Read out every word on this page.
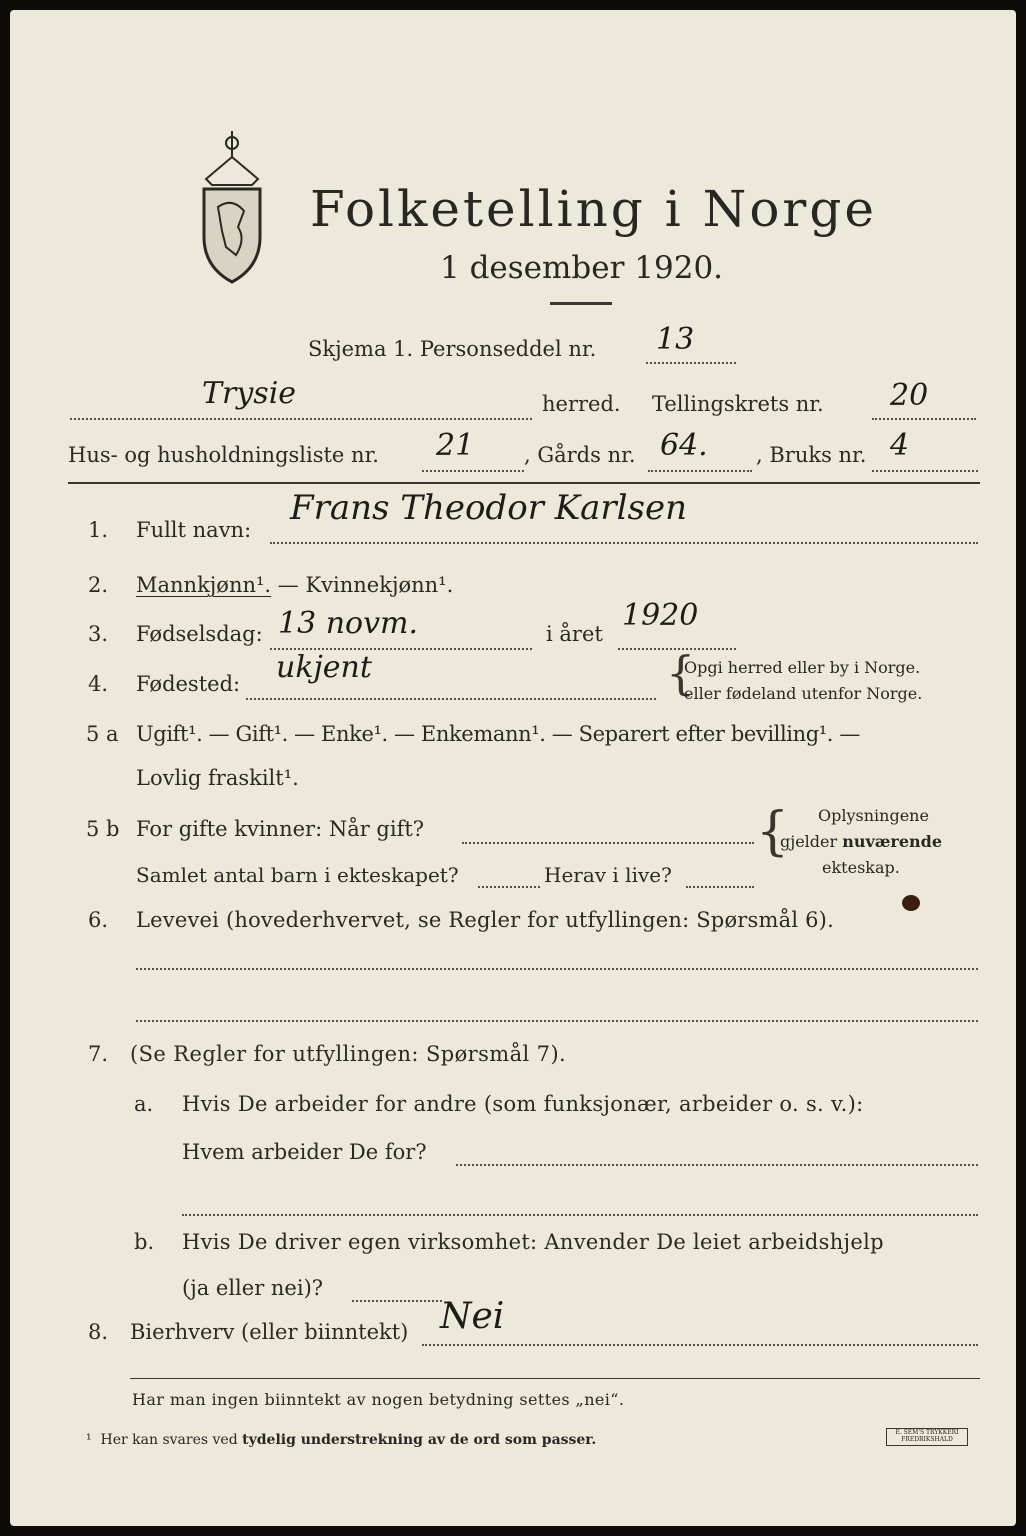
Folketelling i Norge
1 desember 1920.
Skjema 1. Personseddel nr. 13
Trysie	herred. Tellingskrets nr. 20
Hus- og husholdningsliste nr. 21 , Gårds nr. 64. , Bruks nr. 4
1. Fullt navn:
Frans Theodor Karlsen
2. Mannkjønn¹. — Kvinnekjønn¹.
3. Fødselsdag: 13 novm.	i året
1920
4. Fødested: ukjent	{
Opgi herred eller by i Norge.
eller fødeland utenfor Norge.
5 a Ugift¹. — Gift¹. — Enke¹. — Enkemann¹. — Separert efter bevilling¹. —
Lovlig fraskilt¹.
5 b For gifte kvinner: Når gift?
Samlet antal barn i ekteskapet?	Herav i live?
{ Oplysningene
gjelder nuværende
ekteskap.
6. Levevei (hovederhvervet, se Regler for utfyllingen: Spørsmål 6).
7. (Se Regler for utfyllingen: Spørsmål 7).
a. Hvis De arbeider for andre (som funksjonær, arbeider o. s. v.):
Hvem arbeider De for?
b. Hvis De driver egen virksomhet: Anvender De leiet arbeidshjelp
(ja eller nei)?
8. Bierhverv (eller biinntekt) Nei
Har man ingen biinntekt av nogen betydning settes „nei“.
¹ Her kan svares ved tydelig understrekning av de ord som passer.	E. SEM'S TRYKKERI
FREDRIKSHALD
